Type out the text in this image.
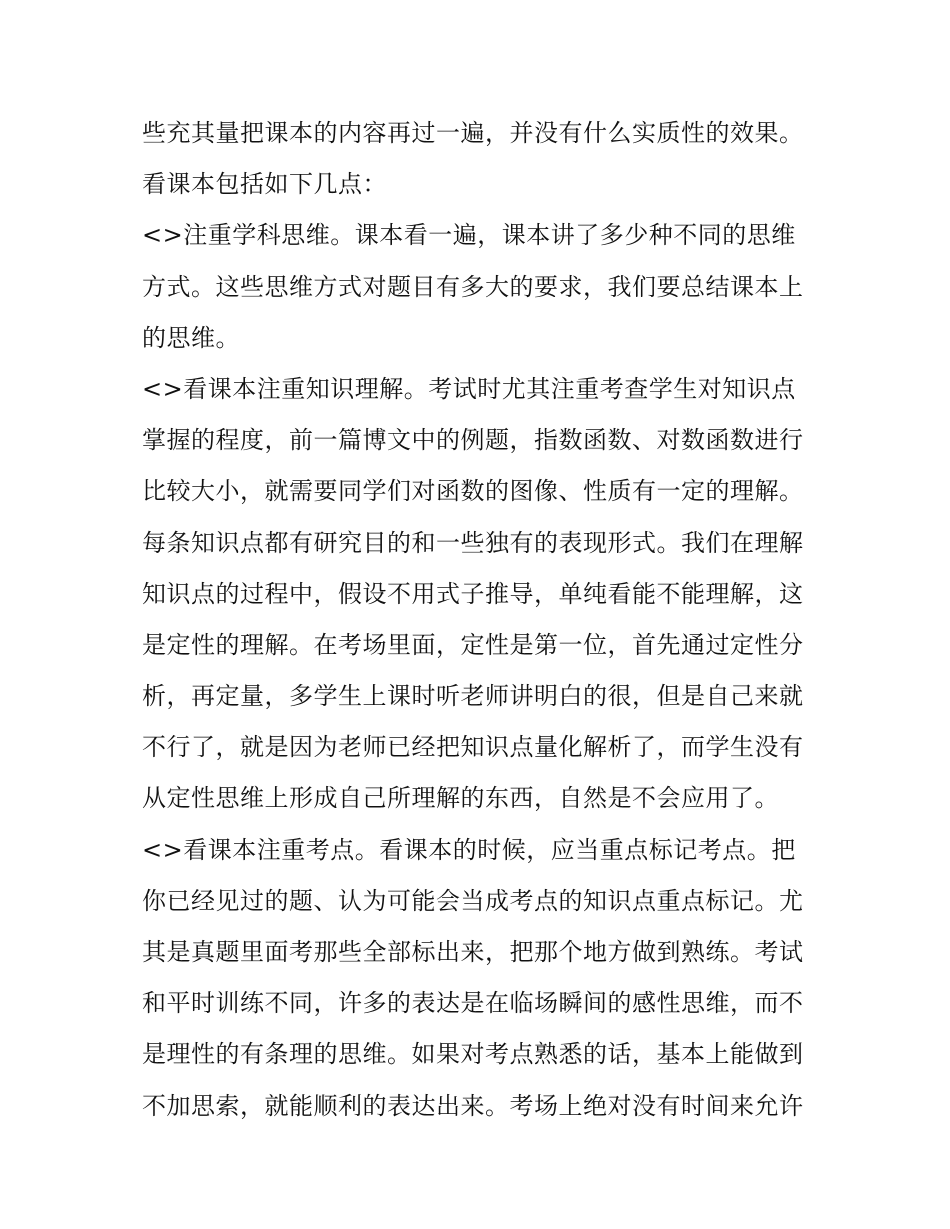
些充其量把课本的内容再过一遍，并没有什么实质性的效果。
看课本包括如下几点：
<>注重学科思维。课本看一遍，课本讲了多少种不同的思维
方式。这些思维方式对题目有多大的要求，我们要总结课本上
的思维。
<>看课本注重知识理解。考试时尤其注重考查学生对知识点
掌握的程度，前一篇博文中的例题，指数函数、对数函数进行
比较大小，就需要同学们对函数的图像、性质有一定的理解。
每条知识点都有研究目的和一些独有的表现形式。我们在理解
知识点的过程中，假设不用式子推导，单纯看能不能理解，这
是定性的理解。在考场里面，定性是第一位，首先通过定性分
析，再定量，多学生上课时听老师讲明白的很，但是自己来就
不行了，就是因为老师已经把知识点量化解析了，而学生没有
从定性思维上形成自己所理解的东西，自然是不会应用了。
<>看课本注重考点。看课本的时候，应当重点标记考点。把
你已经见过的题、认为可能会当成考点的知识点重点标记。尤
其是真题里面考那些全部标出来，把那个地方做到熟练。考试
和平时训练不同，许多的表达是在临场瞬间的感性思维，而不
是理性的有条理的思维。如果对考点熟悉的话，基本上能做到
不加思索，就能顺利的表达出来。考场上绝对没有时间来允许
